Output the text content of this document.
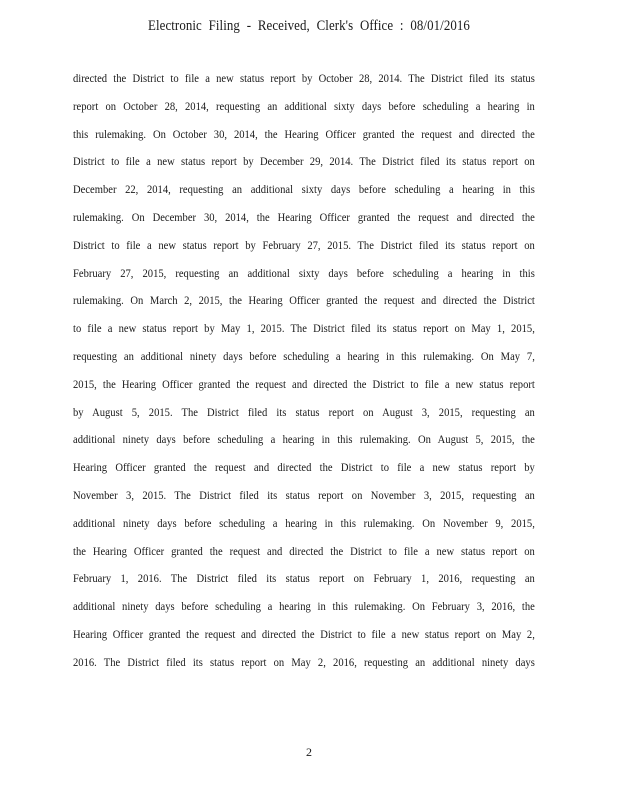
Electronic Filing - Received, Clerk's Office : 08/01/2016
directed the District to file a new status report by October 28, 2014. The District filed its status
report on October 28, 2014, requesting an additional sixty days before scheduling a hearing in
this rulemaking. On October 30, 2014, the Hearing Officer granted the request and directed the
District to file a new status report by December 29, 2014. The District filed its status report on
December 22, 2014, requesting an additional sixty days before scheduling a hearing in this
rulemaking. On December 30, 2014, the Hearing Officer granted the request and directed the
District to file a new status report by February 27, 2015. The District filed its status report on
February 27, 2015, requesting an additional sixty days before scheduling a hearing in this
rulemaking. On March 2, 2015, the Hearing Officer granted the request and directed the District
to file a new status report by May 1, 2015. The District filed its status report on May 1, 2015,
requesting an additional ninety days before scheduling a hearing in this rulemaking. On May 7,
2015, the Hearing Officer granted the request and directed the District to file a new status report
by August 5, 2015. The District filed its status report on August 3, 2015, requesting an
additional ninety days before scheduling a hearing in this rulemaking. On August 5, 2015, the
Hearing Officer granted the request and directed the District to file a new status report by
November 3, 2015. The District filed its status report on November 3, 2015, requesting an
additional ninety days before scheduling a hearing in this rulemaking. On November 9, 2015,
the Hearing Officer granted the request and directed the District to file a new status report on
February 1, 2016. The District filed its status report on February 1, 2016, requesting an
additional ninety days before scheduling a hearing in this rulemaking. On February 3, 2016, the
Hearing Officer granted the request and directed the District to file a new status report on May 2,
2016. The District filed its status report on May 2, 2016, requesting an additional ninety days
2
